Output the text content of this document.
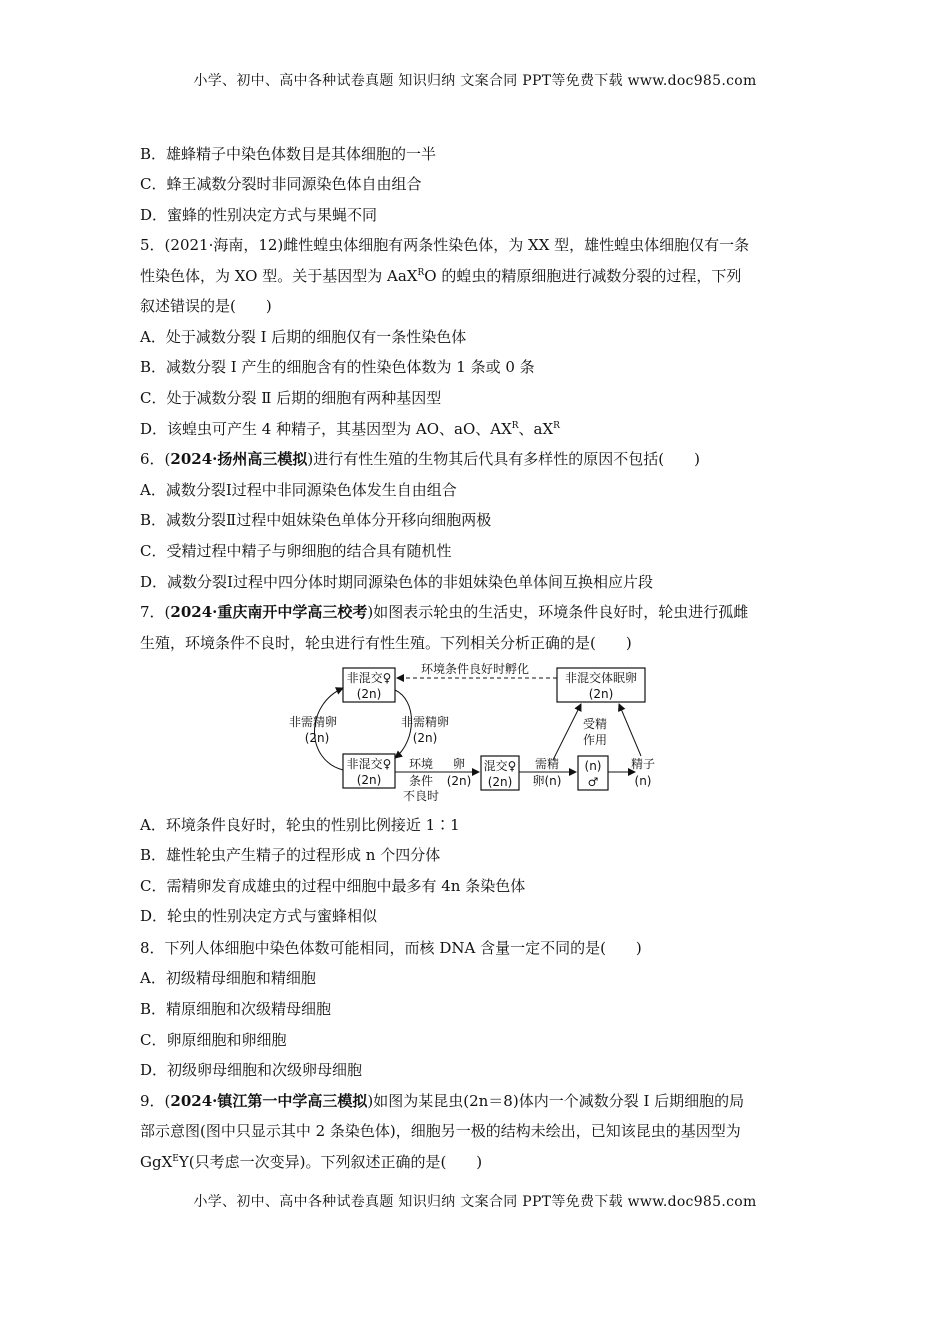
小学、初中、高中各种试卷真题 知识归纳 文案合同 PPT等免费下载 www.doc985.com
B．雄蜂精子中染色体数目是其体细胞的一半
C．蜂王减数分裂时非同源染色体自由组合
D．蜜蜂的性别决定方式与果蝇不同
5．(2021·海南，12)雌性蝗虫体细胞有两条性染色体，为 XX 型，雄性蝗虫体细胞仅有一条
性染色体，为 XO 型。关于基因型为 AaX$^R$O 的蝗虫的精原细胞进行减数分裂的过程，下列
叙述错误的是(　　)
A．处于减数分裂 Ⅰ 后期的细胞仅有一条性染色体
B．减数分裂 Ⅰ 产生的细胞含有的性染色体数为 1 条或 0 条
C．处于减数分裂 Ⅱ 后期的细胞有两种基因型
D．该蝗虫可产生 4 种精子，其基因型为 AO、aO、$AX^R$、$aX^R$
6．(2024·扬州高三模拟)进行有性生殖的生物其后代具有多样性的原因不包括(　　)
A．减数分裂Ⅰ过程中非同源染色体发生自由组合
B．减数分裂Ⅱ过程中姐妹染色单体分开移向细胞两极
C．受精过程中精子与卵细胞的结合具有随机性
D．减数分裂Ⅰ过程中四分体时期同源染色体的非姐妹染色单体间互换相应片段
7．(2024·重庆南开中学高三校考)如图表示轮虫的生活史，环境条件良好时，轮虫进行孤雌
生殖，环境条件不良时，轮虫进行有性生殖。下列相关分析正确的是(　　)
非混交♀
(2n)
非混交♀
(2n)
混交♀
(2n)
(n)
♂
非混交体眠卵
(2n)
环境条件良好时孵化
非需精卵
(2n)
非需精卵
(2n)
环境
条件
不良时
卵
(2n)
需精
卵(n)
精子
(n)
受精
作用
A．环境条件良好时，轮虫的性别比例接近 1∶1
B．雄性轮虫产生精子的过程形成 n 个四分体
C．需精卵发育成雄虫的过程中细胞中最多有 4n 条染色体
D．轮虫的性别决定方式与蜜蜂相似
8．下列人体细胞中染色体数可能相同，而核 DNA 含量一定不同的是(　　)
A．初级精母细胞和精细胞
B．精原细胞和次级精母细胞
C．卵原细胞和卵细胞
D．初级卵母细胞和次级卵母细胞
9．(2024·镇江第一中学高三模拟)如图为某昆虫(2n＝8)体内一个减数分裂 Ⅰ 后期细胞的局
部示意图(图中只显示其中 2 条染色体)，细胞另一极的结构未绘出，已知该昆虫的基因型为
GgX$^E$Y(只考虑一次变异)。下列叙述正确的是(　　)
小学、初中、高中各种试卷真题 知识归纳 文案合同 PPT等免费下载 www.doc985.com
